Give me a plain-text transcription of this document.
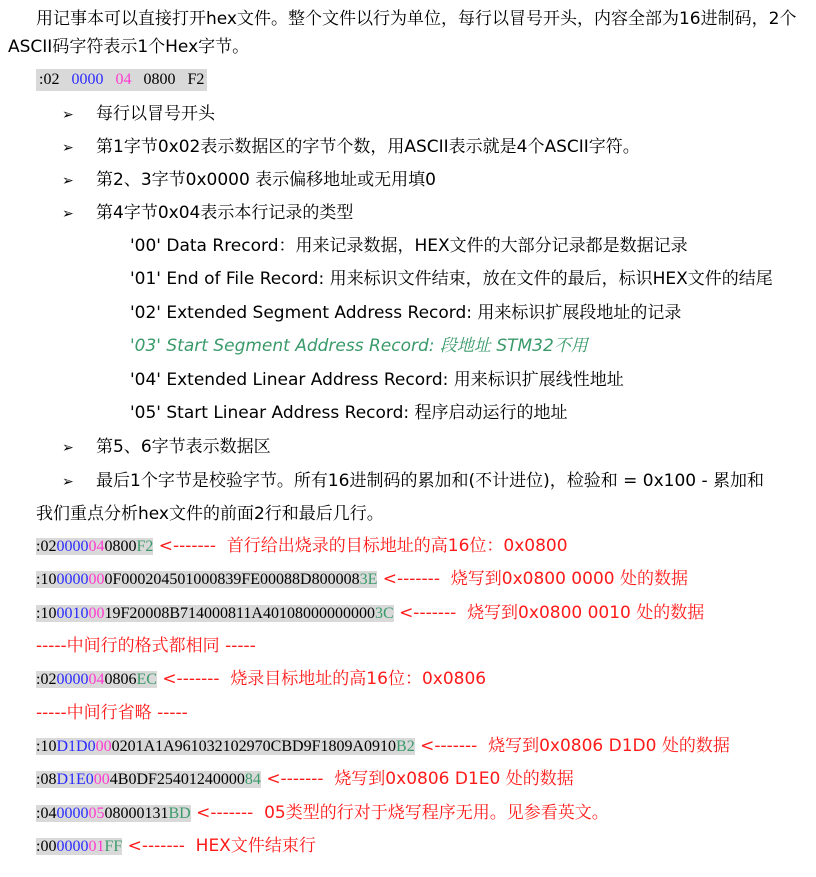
用记事本可以直接打开hex文件。整个文件以行为单位，每行以冒号开头，内容全部为16进制码，2个
ASCII码字符表示1个Hex字节。
:02 0000 04 0800 F2
➢ 每行以冒号开头
➢ 第1字节0x02表示数据区的字节个数，用ASCII表示就是4个ASCII字符。
➢ 第2、3字节0x0000 表示偏移地址或无用填0
➢ 第4字节0x04表示本行记录的类型
'00' Data Rrecord：用来记录数据，HEX文件的大部分记录都是数据记录
'01' End of File Record: 用来标识文件结束，放在文件的最后，标识HEX文件的结尾
'02' Extended Segment Address Record: 用来标识扩展段地址的记录
'03' Start Segment Address Record: 段地址 STM32不用
'04' Extended Linear Address Record: 用来标识扩展线性地址
'05' Start Linear Address Record: 程序启动运行的地址
➢ 第5、6字节表示数据区
➢ 最后1个字节是校验字节。所有16进制码的累加和(不计进位)，检验和 = 0x100 - 累加和
我们重点分析hex文件的前面2行和最后几行。
:020000040800F2 <------- 首行给出烧录的目标地址的高16位：0x0800
:100000000F000204501000839FE00088D8000083E <------- 烧写到0x0800 0000 处的数据
:1000100019F20008B714000811A401080000000003C <------- 烧写到0x0800 0010 处的数据
-----中间行的格式都相同 -----
:020000040806EC <------- 烧录目标地址的高16位：0x0806
-----中间行省略 -----
:10D1D0000201A1A961032102970CBD9F1809A0910B2 <------- 烧写到0x0806 D1D0 处的数据
:08D1E0004B0DF2540124000084 <------- 烧写到0x0806 D1E0 处的数据
:0400000508000131BD <------- 05类型的行对于烧写程序无用。见参看英文。
:00000001FF <------- HEX文件结束行
